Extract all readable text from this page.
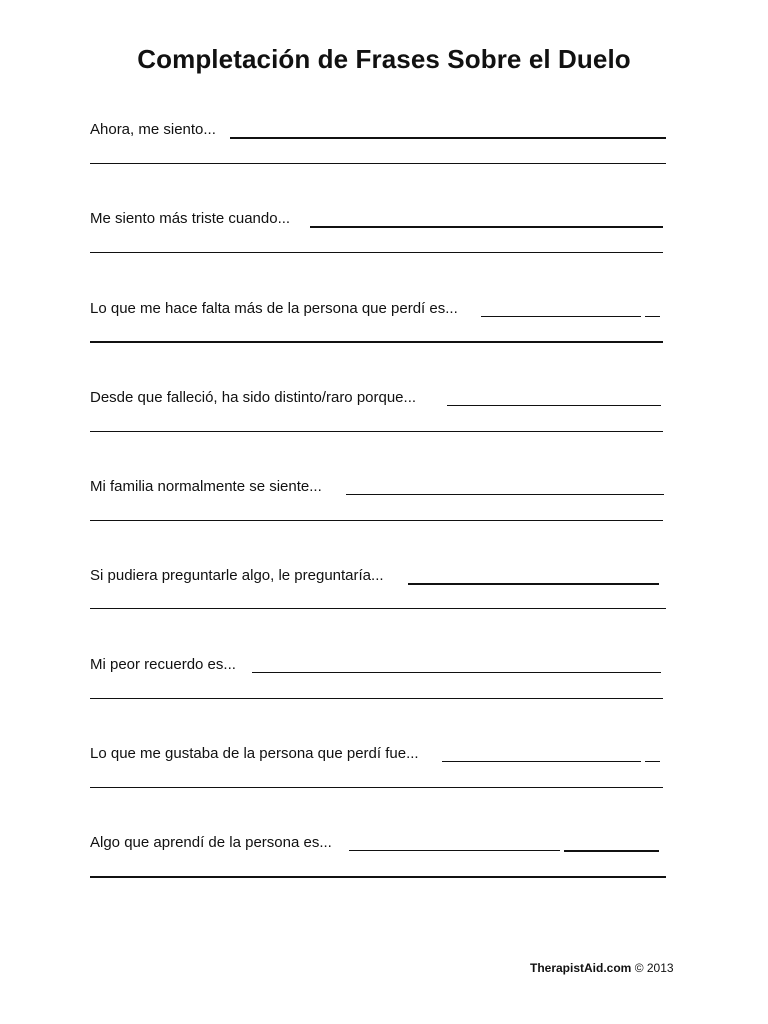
Completación de Frases Sobre el Duelo
Ahora, me siento...
Me siento más triste cuando...
Lo que me hace falta más de la persona que perdí es...
Desde que falleció, ha sido distinto/raro porque...
Mi familia normalmente se siente...
Si pudiera preguntarle algo, le preguntaría...
Mi peor recuerdo es...
Lo que me gustaba de la persona que perdí fue...
Algo que aprendí de la persona es...
TherapistAid.com © 2013
